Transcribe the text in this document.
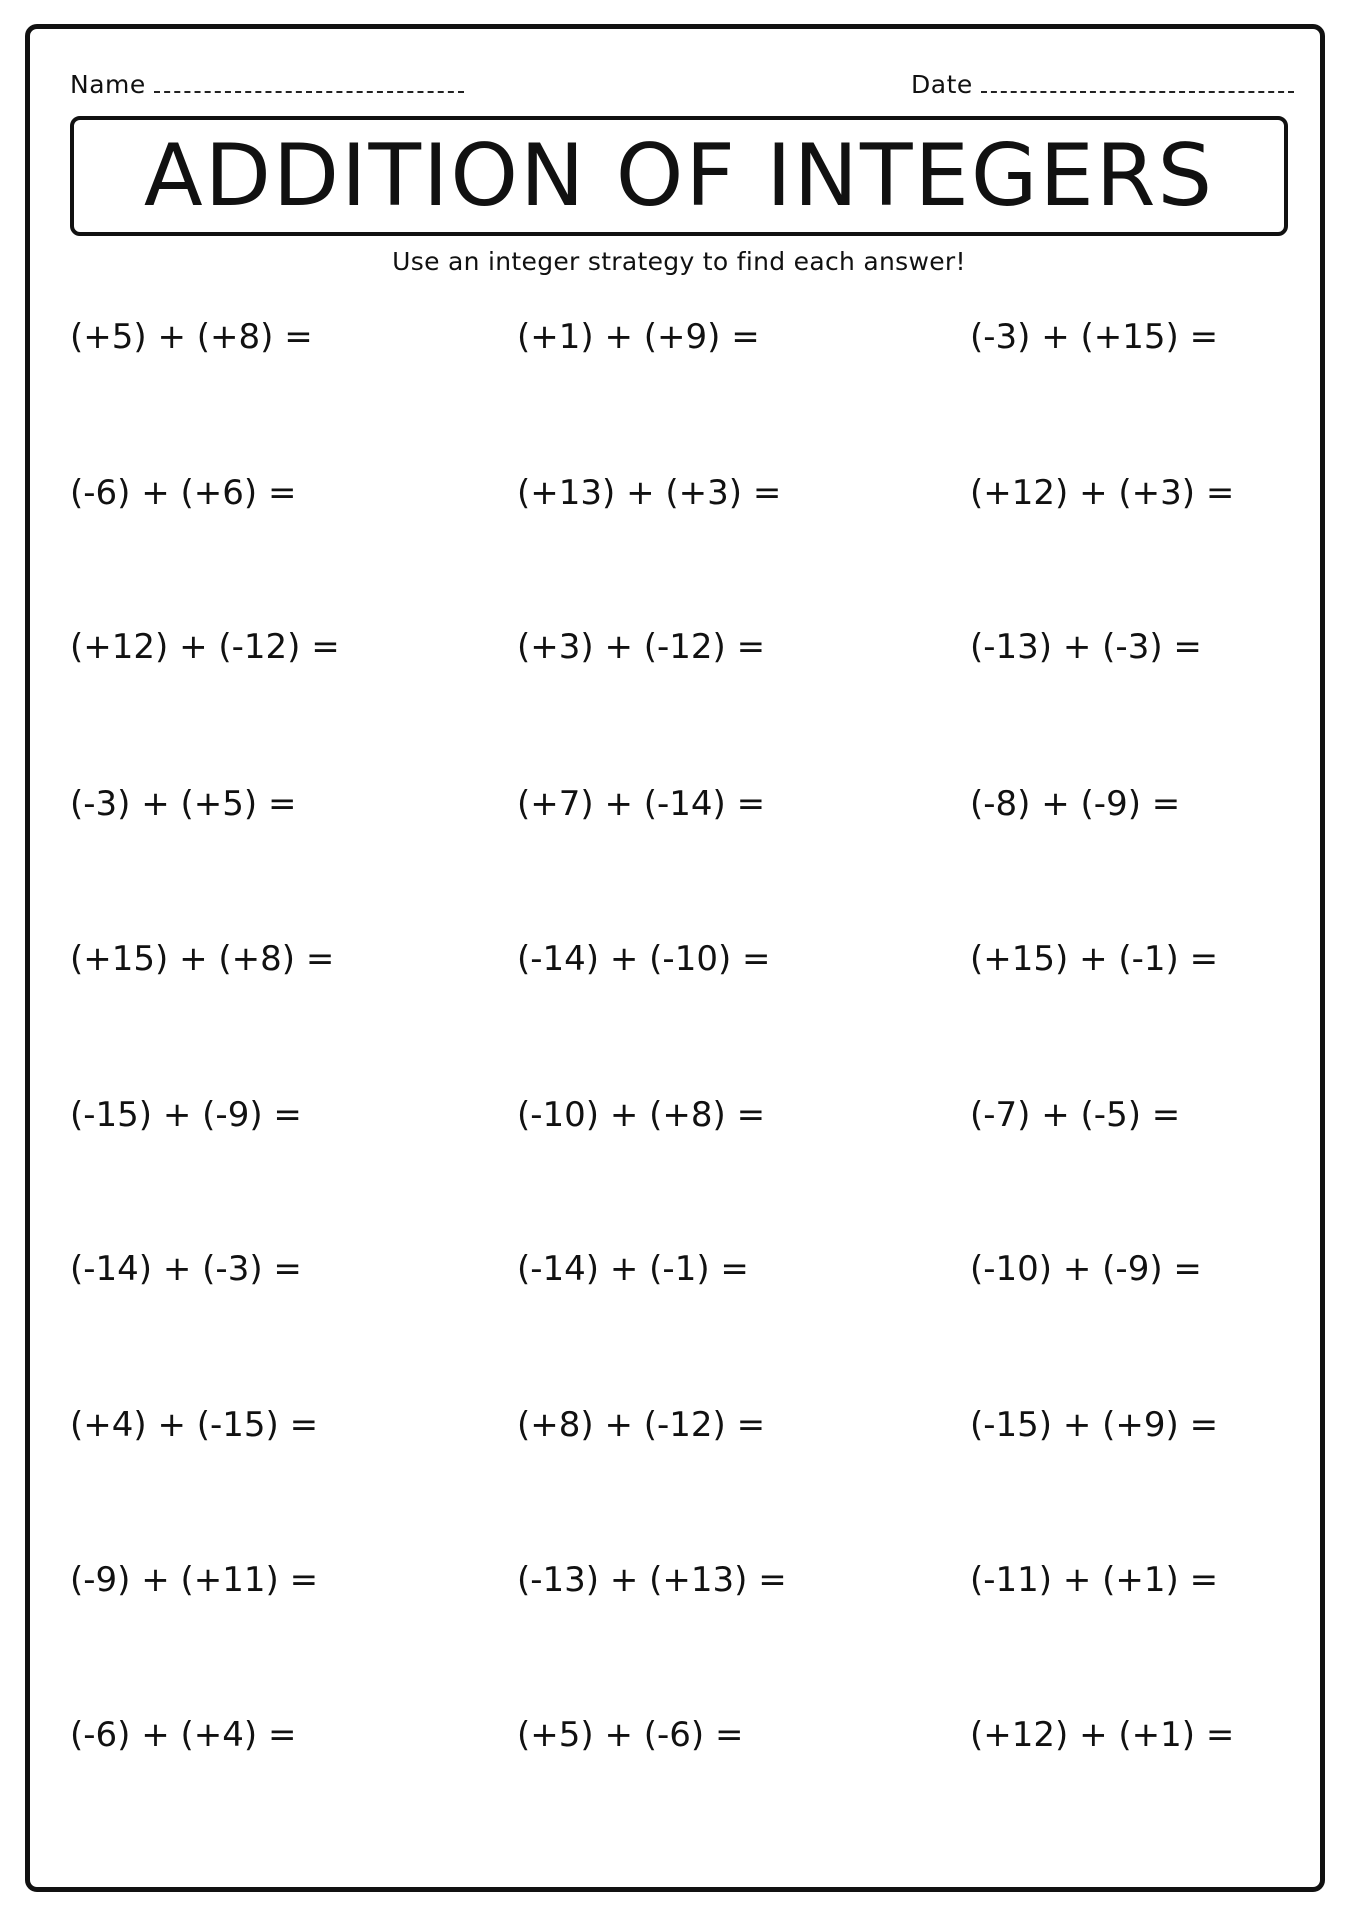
Name	Date
ADDITION OF INTEGERS
Use an integer strategy to find each answer!
(+5) + (+8) =	(+1) + (+9) =	(-3) + (+15) =
(-6) + (+6) =	(+13) + (+3) =	(+12) + (+3) =
(+12) + (-12) =	(+3) + (-12) =	(-13) + (-3) =
(-3) + (+5) =	(+7) + (-14) =	(-8) + (-9) =
(+15) + (+8) =	(-14) + (-10) =	(+15) + (-1) =
(-15) + (-9) =	(-10) + (+8) =	(-7) + (-5) =
(-14) + (-3) =	(-14) + (-1) =	(-10) + (-9) =
(+4) + (-15) =	(+8) + (-12) =	(-15) + (+9) =
(-9) + (+11) =	(-13) + (+13) =	(-11) + (+1) =
(-6) + (+4) =	(+5) + (-6) =	(+12) + (+1) =
